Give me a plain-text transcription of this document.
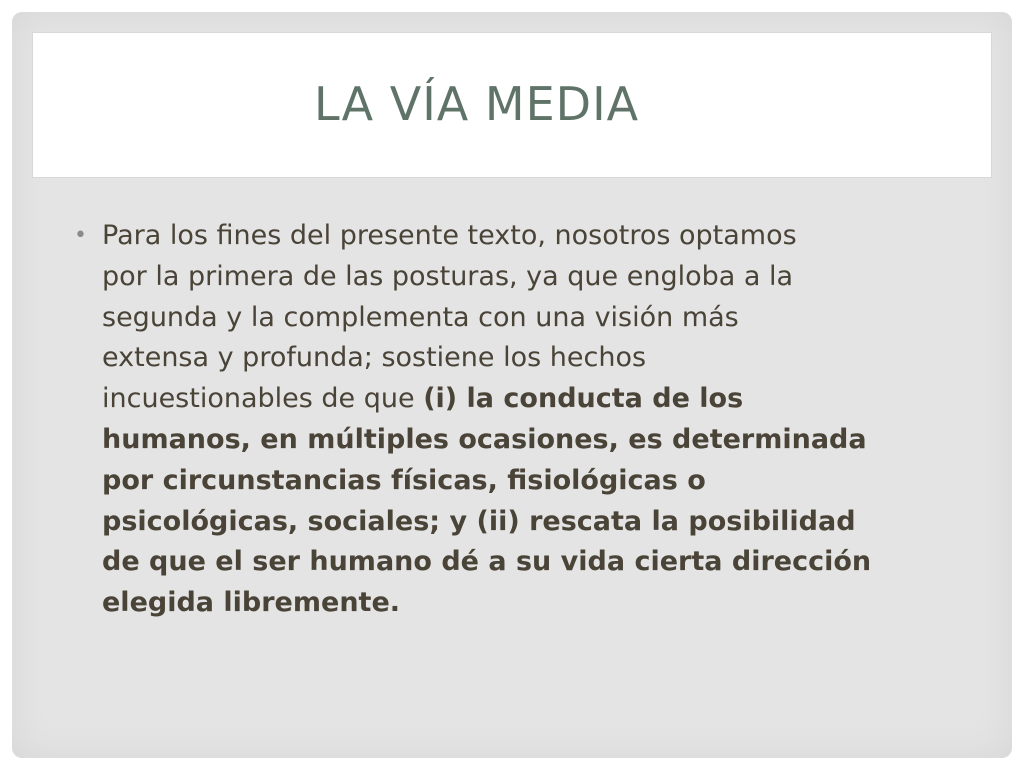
LA VÍA MEDIA
• Para los fines del presente texto, nosotros optamos
por la primera de las posturas, ya que engloba a la
segunda y la complementa con una visión más
extensa y profunda; sostiene los hechos
incuestionables de que (i) la conducta de los
humanos, en múltiples ocasiones, es determinada
por circunstancias físicas, fisiológicas o
psicológicas, sociales; y (ii) rescata la posibilidad
de que el ser humano dé a su vida cierta dirección
elegida libremente.
